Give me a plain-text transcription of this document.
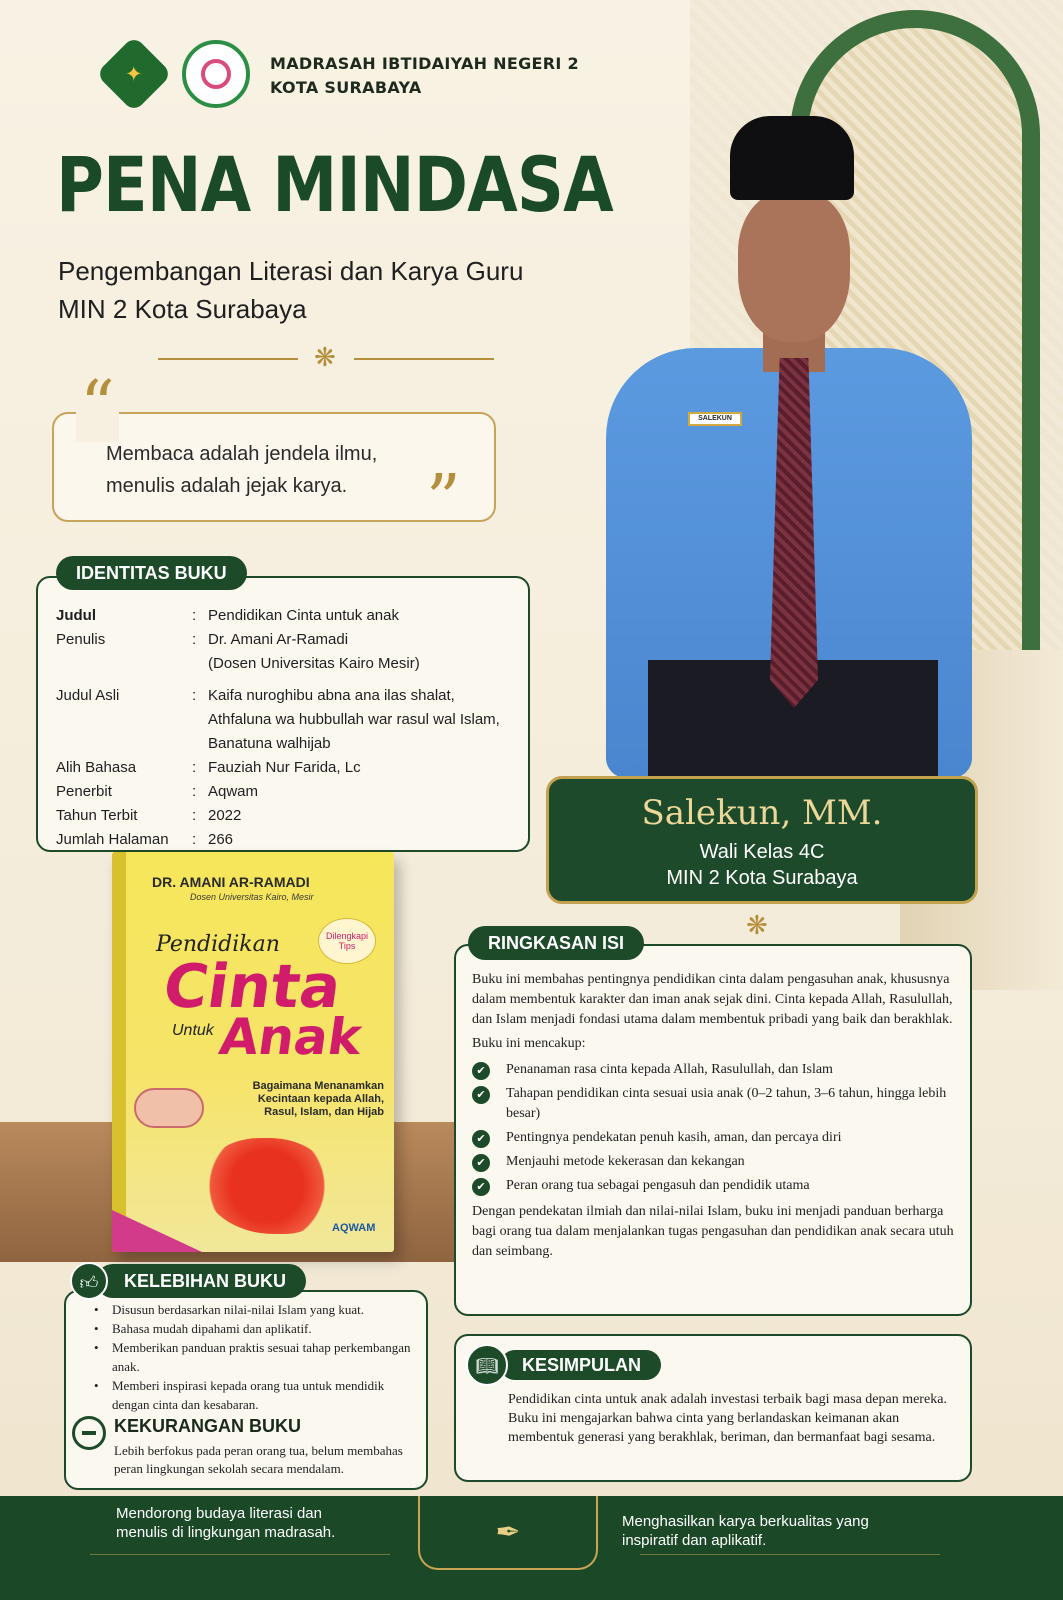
✦	MADRASAH IBTIDAIYAH NEGERI 2
KOTA SURABAYA
PENA MINDASA
Pengembangan Literasi dan Karya Guru
MIN 2 Kota Surabaya
❋
“
Membaca adalah jendela ilmu,
menulis adalah jejak karya.	”
IDENTITAS BUKU
Judul	: Pendidikan Cinta untuk anak
Penulis	: Dr. Amani Ar-Ramadi
(Dosen Universitas Kairo Mesir)
Judul Asli	: Kaifa nuroghibu abna ana ilas shalat,
Athfaluna wa hubbullah war rasul wal Islam,
Banatuna walhijab
Alih Bahasa	: Fauziah Nur Farida, Lc
Penerbit	: Aqwam
Tahun Terbit	: 2022
Jumlah Halaman	: 266
SALEKUN
Salekun, MM.
Wali Kelas 4C
MIN 2 Kota Surabaya
❋
DR. AMANI AR-RAMADI
Dosen Universitas Kairo, Mesir
Dilengkapi Tips
Pendidikan
Cinta
Untuk Anak
Bagaimana Menanamkan Kecintaan kepada Allah, Rasul, Islam, dan Hijab
AQWAM
KELEBIHAN BUKU
👍︎
• Disusun berdasarkan nilai-nilai Islam yang kuat.
• Bahasa mudah dipahami dan aplikatif.
• Memberikan panduan praktis sesuai tahap perkembangan anak.
• Memberi inspirasi kepada orang tua untuk mendidik dengan cinta dan kesabaran.
KEKURANGAN BUKU
Lebih berfokus pada peran orang tua, belum membahas peran lingkungan sekolah secara mendalam.
RINGKASAN ISI

Buku ini membahas pentingnya pendidikan cinta dalam pengasuhan anak, khususnya dalam membentuk karakter dan iman anak sejak dini. Cinta kepada Allah, Rasulullah, dan Islam menjadi fondasi utama dalam membentuk pribadi yang baik dan berakhlak.

Buku ini mencakup:

✔	Penanaman rasa cinta kepada Allah, Rasulullah, dan Islam
✔	Tahapan pendidikan cinta sesuai usia anak (0–2 tahun, 3–6 tahun, hingga lebih besar)
✔	Pentingnya pendekatan penuh kasih, aman, dan percaya diri
✔	Menjauhi metode kekerasan dan kekangan
✔	Peran orang tua sebagai pengasuh dan pendidik utama

Dengan pendekatan ilmiah dan nilai-nilai Islam, buku ini menjadi panduan berharga bagi orang tua dalam menjalankan tugas pengasuhan dan pendidikan anak secara utuh dan seimbang.

KESIMPULAN
📖︎
Pendidikan cinta untuk anak adalah investasi terbaik bagi masa depan mereka. Buku ini mengajarkan bahwa cinta yang berlandaskan keimanan akan membentuk generasi yang berakhlak, beriman, dan bermanfaat bagi sesama.
Mendorong budaya literasi dan menulis di lingkungan madrasah.	✒	Menghasilkan karya berkualitas yang inspiratif dan aplikatif.
